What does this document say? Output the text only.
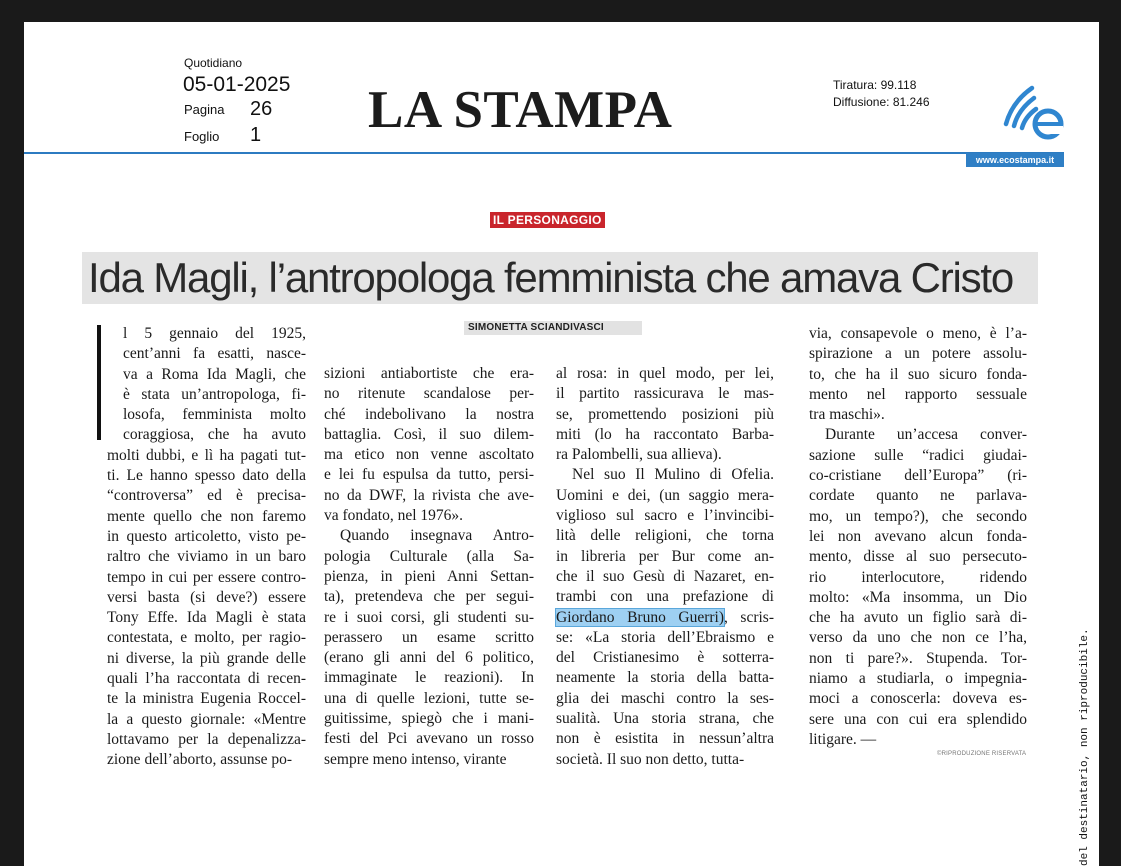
Quotidiano
05-01-2025
Pagina 26
Foglio 1 LA STAMPA	Tiratura: 99.118
Diffusione: 81.246
www.ecostampa.it
IL PERSONAGGIO
Ida Magli, l’antropologa femminista che amava Cristo
SIMONETTA SCIANDIVASCI
l 5 gennaio del 1925,
cent’anni fa esatti, nasce-
va a Roma Ida Magli, che
è stata un’antropologa, fi-
losofa, femminista molto
coraggiosa, che ha avuto
molti dubbi, e lì ha pagati tut-
ti. Le hanno spesso dato della
“controversa” ed è precisa-
mente quello che non faremo
in questo articoletto, visto pe-
raltro che viviamo in un baro
tempo in cui per essere contro-
versi basta (si deve?) essere
Tony Effe. Ida Magli è stata
contestata, e molto, per ragio-
ni diverse, la più grande delle
quali l’ha raccontata di recen-
te la ministra Eugenia Roccel-
la a questo giornale: «Mentre
lottavamo per la depenalizza-
zione dell’aborto, assunse po-
sizioni antiabortiste che era-
no ritenute scandalose per-
ché indebolivano la nostra
battaglia. Così, il suo dilem-
ma etico non venne ascoltato
e lei fu espulsa da tutto, persi-
no da DWF, la rivista che ave-
va fondato, nel 1976».
Quando insegnava Antro-
pologia Culturale (alla Sa-
pienza, in pieni Anni Settan-
ta), pretendeva che per segui-
re i suoi corsi, gli studenti su-
perassero un esame scritto
(erano gli anni del 6 politico,
immaginate le reazioni). In
una di quelle lezioni, tutte se-
guitissime, spiegò che i mani-
festi del Pci avevano un rosso
sempre meno intenso, virante
al rosa: in quel modo, per lei,
il partito rassicurava le mas-
se, promettendo posizioni più
miti (lo ha raccontato Barba-
ra Palombelli, sua allieva).
Nel suo Il Mulino di Ofelia.
Uomini e dei, (un saggio mera-
viglioso sul sacro e l’invincibi-
lità delle religioni, che torna
in libreria per Bur come an-
che il suo Gesù di Nazaret, en-
trambi con una prefazione di
Giordano Bruno Guerri), scris-
se: «La storia dell’Ebraismo e
del Cristianesimo è sotterra-
neamente la storia della batta-
glia dei maschi contro la ses-
sualità. Una storia strana, che
non è esistita in nessun’altra
società. Il suo non detto, tutta-
via, consapevole o meno, è l’a-
spirazione a un potere assolu-
to, che ha il suo sicuro fonda-
mento nel rapporto sessuale
tra maschi».
Durante un’accesa conver-
sazione sulle “radici giudai-
co-cristiane dell’Europa” (ri-
cordate quanto ne parlava-
mo, un tempo?), che secondo
lei non avevano alcun fonda-
mento, disse al suo persecuto-
rio interlocutore, ridendo
molto: «Ma insomma, un Dio
che ha avuto un figlio sarà di-
verso da uno che non ce l’ha,
non ti pare?». Stupenda. Tor-
niamo a studiarla, o impegnia-
moci a conoscerla: doveva es-
sere una con cui era splendido
litigare. —
©RIPRODUZIONE RISERVATA	del destinatario, non riproducibile.
